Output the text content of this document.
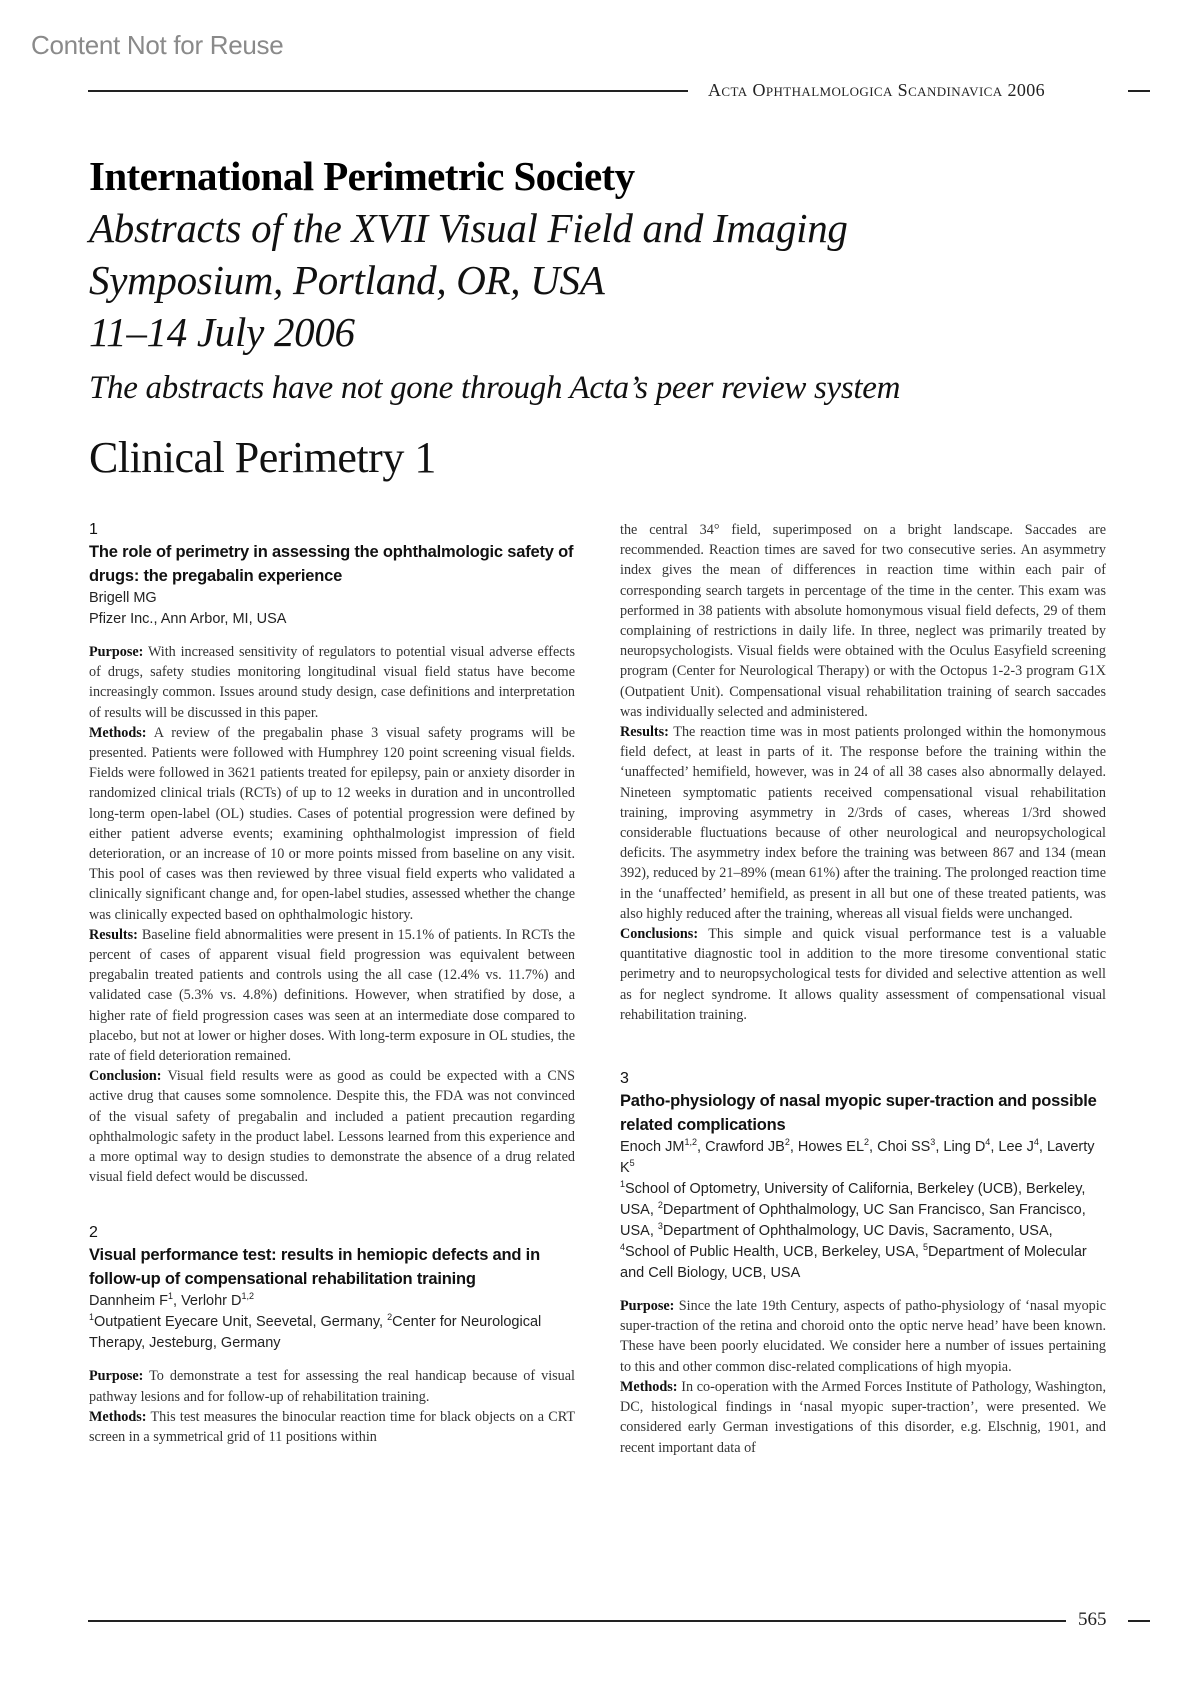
Content Not for Reuse
Acta Ophthalmologica Scandinavica 2006
International Perimetric Society
Abstracts of the XVII Visual Field and Imaging
Symposium, Portland, OR, USA
11–14 July 2006
The abstracts have not gone through Acta’s peer review system
Clinical Perimetry 1
1
The role of perimetry in assessing the ophthalmologic safety of drugs: the pregabalin experience
Brigell MG
Pfizer Inc., Ann Arbor, MI, USA
Purpose: With increased sensitivity of regulators to potential visual adverse effects of drugs, safety studies monitoring longitudinal visual field status have become increasingly common. Issues around study design, case definitions and interpretation of results will be discussed in this paper.
Methods: A review of the pregabalin phase 3 visual safety programs will be presented. Patients were followed with Humphrey 120 point screening visual fields. Fields were followed in 3621 patients treated for epilepsy, pain or anxiety disorder in randomized clinical trials (RCTs) of up to 12 weeks in duration and in uncontrolled long-term open-label (OL) studies. Cases of potential progression were defined by either patient adverse events; examining ophthalmologist impression of field deterioration, or an increase of 10 or more points missed from baseline on any visit. This pool of cases was then reviewed by three visual field experts who validated a clinically significant change and, for open-label studies, assessed whether the change was clinically expected based on ophthalmologic history.
Results: Baseline field abnormalities were present in 15.1% of patients. In RCTs the percent of cases of apparent visual field progression was equivalent between pregabalin treated patients and controls using the all case (12.4% vs. 11.7%) and validated case (5.3% vs. 4.8%) definitions. However, when stratified by dose, a higher rate of field progression cases was seen at an intermediate dose compared to placebo, but not at lower or higher doses. With long-term exposure in OL studies, the rate of field deterioration remained.
Conclusion: Visual field results were as good as could be expected with a CNS active drug that causes some somnolence. Despite this, the FDA was not convinced of the visual safety of pregabalin and included a patient precaution regarding ophthalmologic safety in the product label. Lessons learned from this experience and a more optimal way to design studies to demonstrate the absence of a drug related visual field defect would be discussed.
2
Visual performance test: results in hemiopic defects and in follow-up of compensational rehabilitation training
Dannheim $F^1$, Verlohr D$^{1,2}$
$^1$Outpatient Eyecare Unit, Seevetal, Germany, $^2$Center for Neurological Therapy, Jesteburg, Germany
Purpose: To demonstrate a test for assessing the real handicap because of visual pathway lesions and for follow-up of rehabilitation training.
Methods: This test measures the binocular reaction time for black objects on a CRT screen in a symmetrical grid of 11 positions within
the central 34° field, superimposed on a bright landscape. Saccades are recommended. Reaction times are saved for two consecutive series. An asymmetry index gives the mean of differences in reaction time within each pair of corresponding search targets in percentage of the time in the center. This exam was performed in 38 patients with absolute homonymous visual field defects, 29 of them complaining of restrictions in daily life. In three, neglect was primarily treated by neuropsychologists. Visual fields were obtained with the Oculus Easyfield screening program (Center for Neurological Therapy) or with the Octopus 1-2-3 program G1X (Outpatient Unit). Compensational visual rehabilitation training of search saccades was individually selected and administered.
Results: The reaction time was in most patients prolonged within the homonymous field defect, at least in parts of it. The response before the training within the ‘unaffected’ hemifield, however, was in 24 of all 38 cases also abnormally delayed. Nineteen symptomatic patients received compensational visual rehabilitation training, improving asymmetry in 2/3rds of cases, whereas 1/3rd showed considerable fluctuations because of other neurological and neuropsychological deficits. The asymmetry index before the training was between 867 and 134 (mean 392), reduced by 21–89% (mean 61%) after the training. The prolonged reaction time in the ‘unaffected’ hemifield, as present in all but one of these treated patients, was also highly reduced after the training, whereas all visual fields were unchanged.
Conclusions: This simple and quick visual performance test is a valuable quantitative diagnostic tool in addition to the more tiresome conventional static perimetry and to neuropsychological tests for divided and selective attention as well as for neglect syndrome. It allows quality assessment of compensational visual rehabilitation training.
3
Patho-physiology of nasal myopic super-traction and possible related complications
Enoch JM$^{1,2}$, Crawford $JB^2$, Howes $EL^2$, Choi $SS^3$, Ling $D^4$, Lee $J^4$, Laverty $K^5$
$^1$School of Optometry, University of California, Berkeley (UCB), Berkeley, USA, $^2$Department of Ophthalmology, UC San Francisco, San Francisco, USA, $^3$Department of Ophthalmology, UC Davis, Sacramento, USA, $^4$School of Public Health, UCB, Berkeley, USA, $^5$Department of Molecular and Cell Biology, UCB, USA
Purpose: Since the late 19th Century, aspects of patho-physiology of ‘nasal myopic super-traction of the retina and choroid onto the optic nerve head’ have been known. These have been poorly elucidated. We consider here a number of issues pertaining to this and other common disc-related complications of high myopia.
Methods: In co-operation with the Armed Forces Institute of Pathology, Washington, DC, histological findings in ‘nasal myopic super-traction’, were presented. We considered early German investigations of this disorder, e.g. Elschnig, 1901, and recent important data of
565
